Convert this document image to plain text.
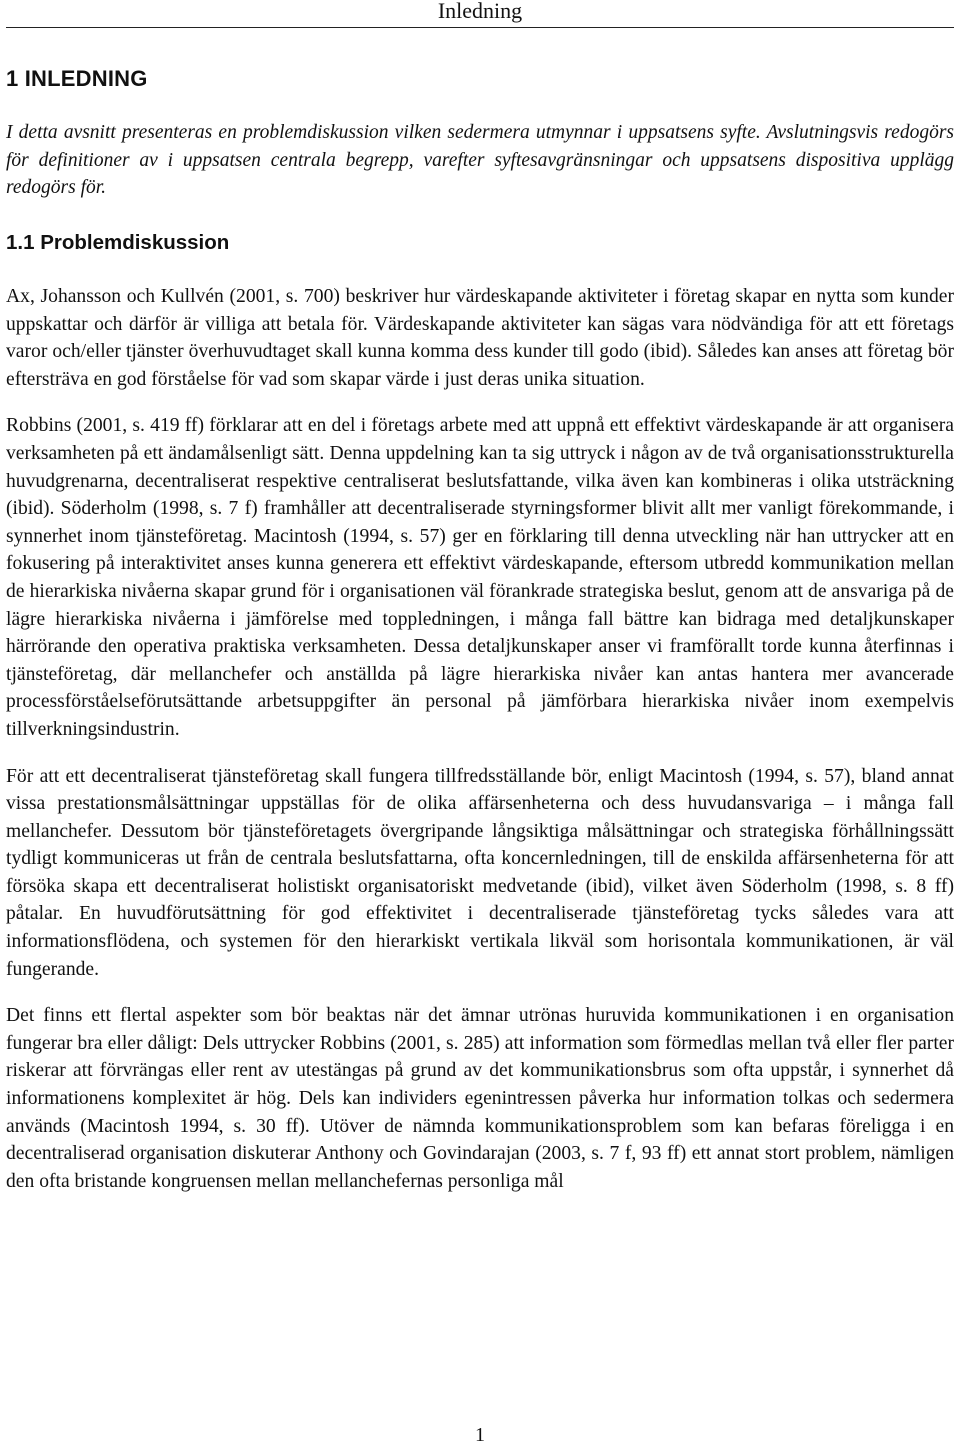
Inledning
1 INLEDNING

I detta avsnitt presenteras en problemdiskussion vilken sedermera utmynnar i uppsatsens syfte. Avslutningsvis redogörs för definitioner av i uppsatsen centrala begrepp, varefter syftesavgränsningar och uppsatsens dispositiva upplägg redogörs för.

1.1 Problemdiskussion

Ax, Johansson och Kullvén (2001, s. 700) beskriver hur värdeskapande aktiviteter i företag skapar en nytta som kunder uppskattar och därför är villiga att betala för. Värdeskapande aktiviteter kan sägas vara nödvändiga för att ett företags varor och/eller tjänster överhuvudtaget skall kunna komma dess kunder till godo (ibid). Således kan anses att företag bör eftersträva en god förståelse för vad som skapar värde i just deras unika situation.

Robbins (2001, s. 419 ff) förklarar att en del i företags arbete med att uppnå ett effektivt värdeskapande är att organisera verksamheten på ett ändamålsenligt sätt. Denna uppdelning kan ta sig uttryck i någon av de två organisationsstrukturella huvudgrenarna, decentraliserat respektive centraliserat beslutsfattande, vilka även kan kombineras i olika utsträckning (ibid). Söderholm (1998, s. 7 f) framhåller att decentraliserade styrningsformer blivit allt mer vanligt förekommande, i synnerhet inom tjänsteföretag. Macintosh (1994, s. 57) ger en förklaring till denna utveckling när han uttrycker att en fokusering på interaktivitet anses kunna generera ett effektivt värdeskapande, eftersom utbredd kommunikation mellan de hierarkiska nivåerna skapar grund för i organisationen väl förankrade strategiska beslut, genom att de ansvariga på de lägre hierarkiska nivåerna i jämförelse med toppledningen, i många fall bättre kan bidraga med detaljkunskaper härrörande den operativa praktiska verksamheten. Dessa detaljkunskaper anser vi framförallt torde kunna återfinnas i tjänsteföretag, där mellanchefer och anställda på lägre hierarkiska nivåer kan antas hantera mer avancerade processförståelseförutsättande arbetsuppgifter än personal på jämförbara hierarkiska nivåer inom exempelvis tillverkningsindustrin.

För att ett decentraliserat tjänsteföretag skall fungera tillfredsställande bör, enligt Macintosh (1994, s. 57), bland annat vissa prestationsmålsättningar uppställas för de olika affärsenheterna och dess huvudansvariga – i många fall mellanchefer. Dessutom bör tjänsteföretagets övergripande långsiktiga målsättningar och strategiska förhållningssätt tydligt kommuniceras ut från de centrala beslutsfattarna, ofta koncernledningen, till de enskilda affärsenheterna för att försöka skapa ett decentraliserat holistiskt organisatoriskt medvetande (ibid), vilket även Söderholm (1998, s. 8 ff) påtalar. En huvudförutsättning för god effektivitet i decentraliserade tjänsteföretag tycks således vara att informationsflödena, och systemen för den hierarkiskt vertikala likväl som horisontala kommunikationen, är väl fungerande.

Det finns ett flertal aspekter som bör beaktas när det ämnar utrönas huruvida kommunikationen i en organisation fungerar bra eller dåligt: Dels uttrycker Robbins (2001, s. 285) att information som förmedlas mellan två eller fler parter riskerar att förvrängas eller rent av utestängas på grund av det kommunikationsbrus som ofta uppstår, i synnerhet då informationens komplexitet är hög. Dels kan individers egenintressen påverka hur information tolkas och sedermera används (Macintosh 1994, s. 30 ff). Utöver de nämnda kommunikationsproblem som kan befaras föreligga i en decentraliserad organisation diskuterar Anthony och Govindarajan (2003, s. 7 f, 93 ff) ett annat stort problem, nämligen den ofta bristande kongruensen mellan mellanchefernas personliga mål

1
